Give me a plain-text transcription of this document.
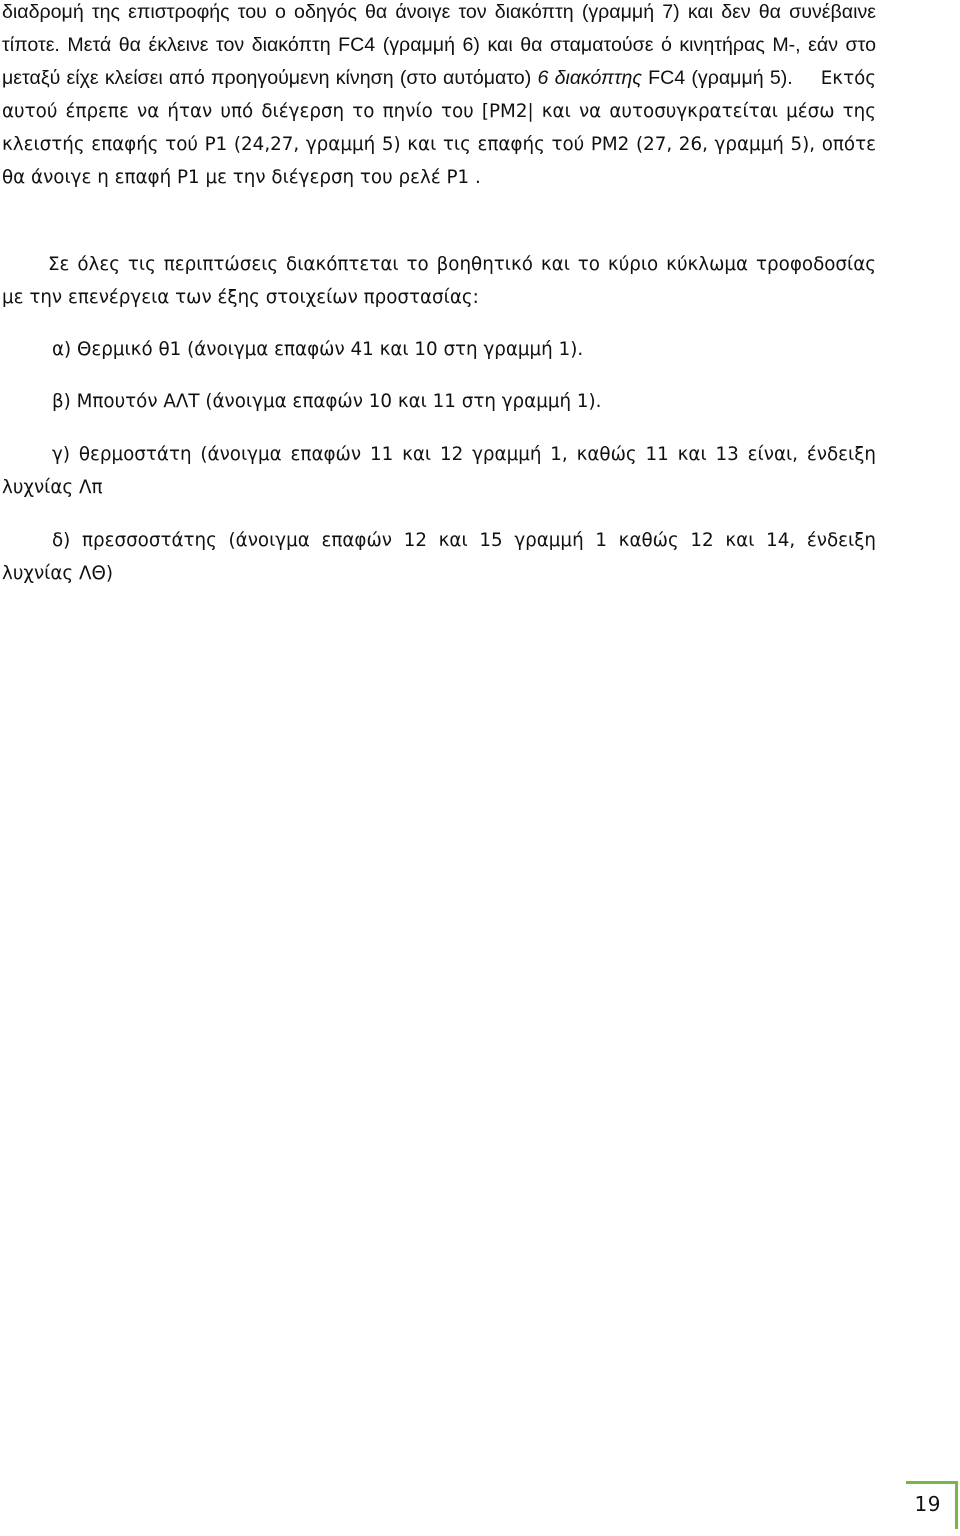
διαδρομή της επιστροφής του ο οδηγός θα άνοιγε τον διακόπτη (γραμμή 7) και δεν θα συνέβαινε τίποτε. Μετά θα έκλεινε τον διακόπτη FC4 (γραμμή 6) και θα σταματούσε ό κινητήρας Μ-, εάν στο μεταξύ είχε κλείσει από προηγούμενη κίνηση (στο αυτόματο) 6 διακόπτης FC4 (γραμμή 5). Εκτός αυτού έπρεπε να ήταν υπό διέγερση το πηνίο του [ΡΜ2| και να αυτοσυγκρατείται μέσω της κλειστής επαφής τού Ρ1 (24,27, γραμμή 5) και τις επαφής τού ΡΜ2 (27, 26, γραμμή 5), οπότε θα άνοιγε η επαφή Ρ1 με την διέγερση του ρελέ Ρ1 .

Σε όλες τις περιπτώσεις διακόπτεται το βοηθητικό και το κύριο κύκλωμα τροφοδοσίας με την επενέργεια των έξης στοιχείων προστασίας:

α) Θερμικό θ1 (άνοιγμα επαφών 41 και 10 στη γραμμή 1).

β) Μπουτόν ΑΛΤ (άνοιγμα επαφών 10 και 11 στη γραμμή 1).

γ) θερμοστάτη (άνοιγμα επαφών 11 και 12 γραμμή 1, καθώς 11 και 13 είναι, ένδειξη λυχνίας Λπ

δ) πρεσσοστάτης (άνοιγμα επαφών 12 και 15 γραμμή 1 καθώς 12 και 14, ένδειξη λυχνίας ΛΘ)

19
